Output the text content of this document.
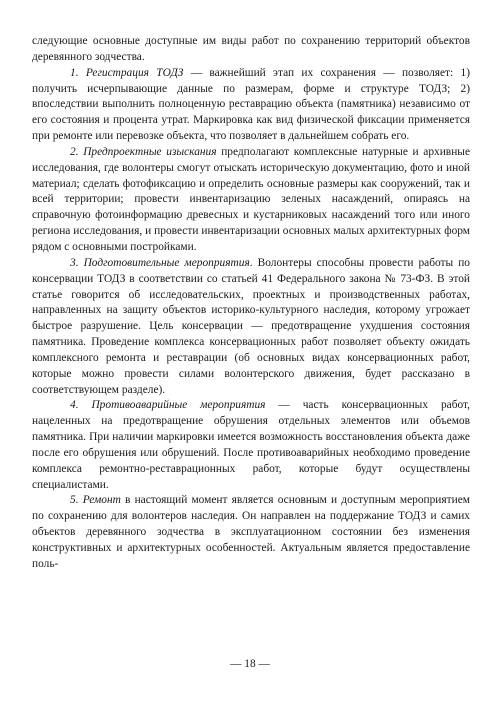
следующие основные доступные им виды работ по сохранению территорий объектов деревянного зодчества.

1. Регистрация ТОДЗ — важнейший этап их сохранения — позволяет: 1) получить исчерпывающие данные по размерам, форме и структуре ТОДЗ; 2) впоследствии выполнить полноценную реставрацию объекта (памятника) независимо от его состояния и процента утрат. Маркировка как вид физической фиксации применяется при ремонте или перевозке объекта, что позволяет в дальнейшем собрать его.

2. Предпроектные изыскания предполагают комплексные натурные и архивные исследования, где волонтеры смогут отыскать историческую документацию, фото и иной материал; сделать фотофиксацию и определить основные размеры как сооружений, так и всей территории; провести инвентаризацию зеленых насаждений, опираясь на справочную фотоинформацию древесных и кустарниковых насаждений того или иного региона исследования, и провести инвентаризации основных малых архитектурных форм рядом с основными постройками.

3. Подготовительные мероприятия. Волонтеры способны провести работы по консервации ТОДЗ в соответствии со статьей 41 Федерального закона № 73-ФЗ. В этой статье говорится об исследовательских, проектных и производственных работах, направленных на защиту объектов историко-культурного наследия, которому угрожает быстрое разрушение. Цель консервации — предотвращение ухудшения состояния памятника. Проведение комплекса консервационных работ позволяет объекту ожидать комплексного ремонта и реставрации (об основных видах консервационных работ, которые можно провести силами волонтерского движения, будет рассказано в соответствующем разделе).

4. Противоаварийные мероприятия — часть консервационных работ, нацеленных на предотвращение обрушения отдельных элементов или объемов памятника. При наличии маркировки имеется возможность восстановления объекта даже после его обрушения или обрушений. После противоаварийных необходимо проведение комплекса ремонтно-реставрационных работ, которые будут осуществлены специалистами.

5. Ремонт в настоящий момент является основным и доступным мероприятием по сохранению для волонтеров наследия. Он направлен на поддержание ТОДЗ и самих объектов деревянного зодчества в эксплуатационном состоянии без изменения конструктивных и архитектурных особенностей. Актуальным является предоставление поль-

— 18 —
